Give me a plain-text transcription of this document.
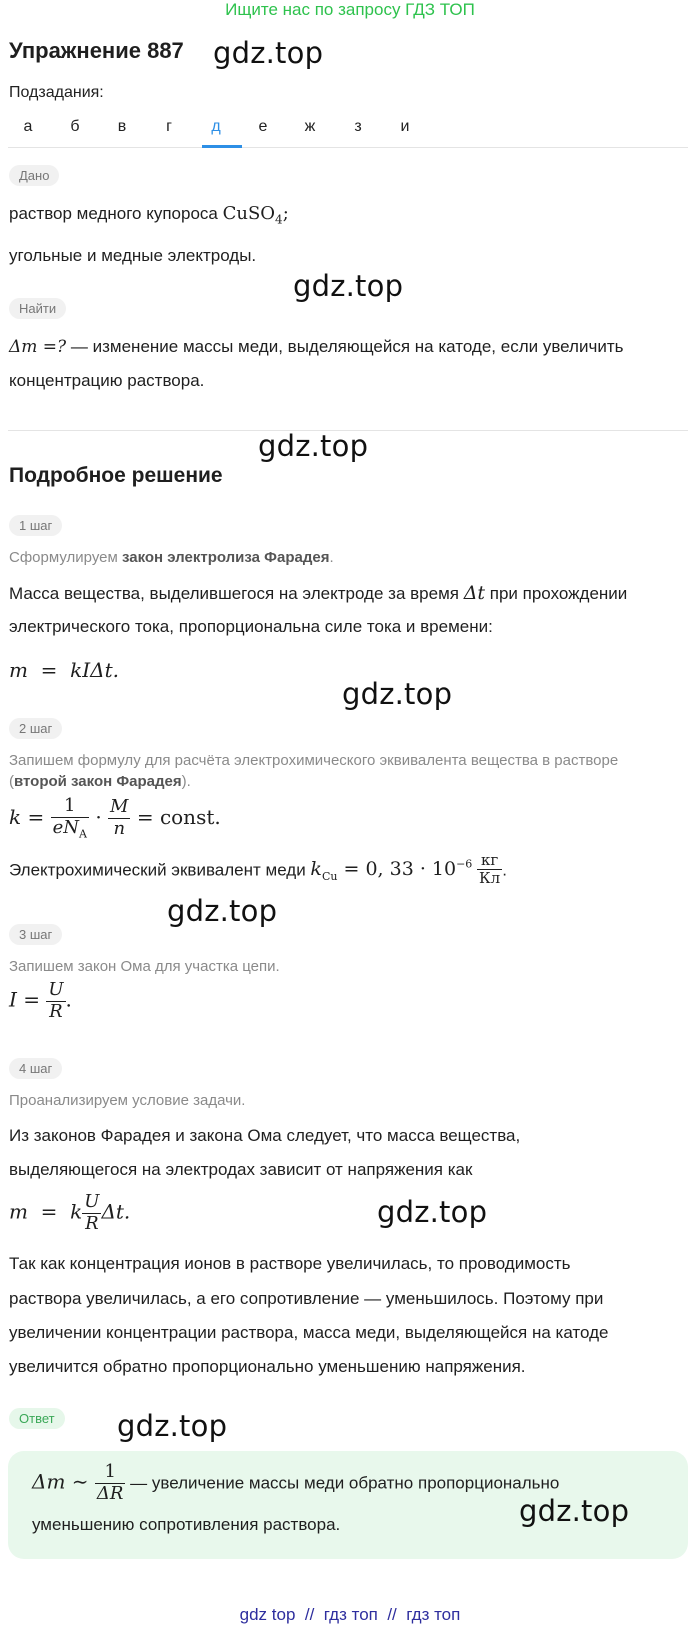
Ищите нас по запросу ГДЗ ТОП
Упражнение 887 gdz.top
Подзадания:
а	б	в	г	д	е	ж	з	и
Дано
раствор медного купороса CuSO$_4$;
угольные и медные электроды.
gdz.top
Найти
Δm =? — изменение массы меди, выделяющейся на катоде, если увеличить
концентрацию раствора.
gdz.top
Подробное решение
1 шаг
Сформулируем закон электролиза Фарадея.
Масса вещества, выделившегося на электроде за время Δt при прохождении
электрического тока, пропорциональна силе тока и времени:
m  =  kIΔt.
gdz.top
2 шаг
Запишем формулу для расчёта электрохимического эквивалента вещества в растворе
(второй закон Фарадея).
$k = \frac{1}{eN_A} \cdot \frac{M}{n}$ = const.
Электрохимический эквивалент меди $k_{Cu} = 0$, $33 \cdot 10^{-6} \frac{кг}{Кл}$ .
gdz.top
3 шаг
Запишем закон Ома для участка цепи.
$I = \frac{U}{R}$ .
4 шаг
Проанализируем условие задачи.
Из законов Фарадея и закона Ома следует, что масса вещества,
выделяющегося на электродах зависит от напряжения как
m  =  k $\frac{U}{R} \Delta t$.	gdz.top
Так как концентрация ионов в растворе увеличилась, то проводимость
раствора увеличилась, а его сопротивление — уменьшилось. Поэтому при
увеличении концентрации раствора, масса меди, выделяющейся на катоде
увеличится обратно пропорционально уменьшению напряжения.
Ответ	gdz.top
Δm ∼ $\frac{1}{\Delta R}$ — увеличение массы меди обратно пропорционально
уменьшению сопротивления раствора.	gdz.top
gdz top  //  гдз топ  //  гдз топ
